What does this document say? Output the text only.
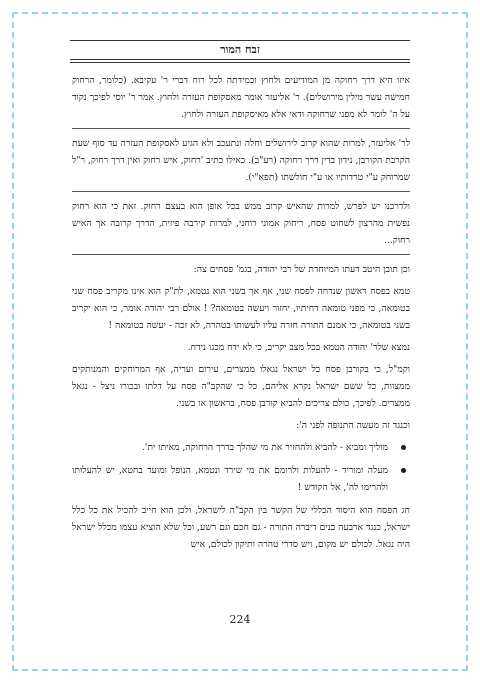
זבח המור

איזו היא דרך רחוקה מן המודיעים ולחוץ וכמידתה לכל רוח דברי ר' עקיבא. (כלומר, הרחוק חמישה עשר מילין מירושלים). ר' אליעזר אומר מאסקופת העזרה ולחוץ. אמר ר' יוסי לפיכך נקוד על ה' לומר לא מפני שרחוקה ודאי אלא מאיסקופת העזרה ולחוץ.

לר' אליעזר, למרות שהוא קרוב לירושלים וחלה ונתעכב ולא הגיע לאסקופת העזרה עד סוף שעת הקרבת הקורבן, נידון בדין דרך רחוקה (רע"ב). כאילו כתיב 'רחוק, איש רחוק ואין דרך רחוק, ר"ל שמרוחק ע"י טרדותיו או ע"י חולשתו (תפא"י).

ולדרכנו יש לפרש, למרות שהאיש קרוב ממש בכל אופן הוא בעצם רחוק. זאת כי הוא רחוק נפשית מהרצון לשחוט פסח, ריחוק אמוני רוחני, למרות קירבה פיזית, הדרך קרובה אך האיש רחוק...

וכן תובן היטב דעתו המיוחדת של רבי יהודה, בגמ' פסחים צה:

טמא בפסח ראשון שנדחה לפסח שני, אף אך בשני הוא נטמא, לת"ק הוא אינו מקריב פסח שני בטומאה, כי מפני טומאה דחיתיו, יחזור ויעשה בטומאה? ! אולם רבי יהודה אומר, כי הוא יקריב בשני בטומאה, כי אמנם התורה חזרה עליו לעשותו בטהרה, לא זכה - יעשה בטומאה !

נמצא שלר' יהודה הטמא בכל מצב יקריב, כי לא ידח מכגו נידח.

וקמ"ל, כי בקורבן פסח כל ישראל נגאלו ממצרים, עירום ועריה, אף המרוחקים והמנותקים ממצוות, כל ששם ישראל נקרא אליהם, כל כי שהקב"ה פסח על דלתו ובכורו ניצל - נגאל ממצרים. לפיכך, כולם צריכים להביא קורבן פסח, בראשון או בשני.

וכנגד זה מעשה התנופה לפני ה':

מוליך ומביא - להביא ולהחזיר את מי שהלך בדרך הרחוקה, מאיתו ית'.
מעלה ומוריד - להעלות ולרומם את מי שירד ונטמא, הנופל ומועד בחטא, יש להעלותו ולהרימו לה', אל הקודש !

חג הפסח הוא היסוד הכללי של הקשר בין הקב"ה לישראל, ולכן הוא חייב להכיל את כל כלל ישראל, כנגד ארבעה בנים דיברה התורה - גם חכם וגם רשע, וכל שלא הוציא עצמו מכלל ישראל היה נגאל. לכולם יש מקום, ויש סדרי טהרה ותיקון לכולם, איש

224
